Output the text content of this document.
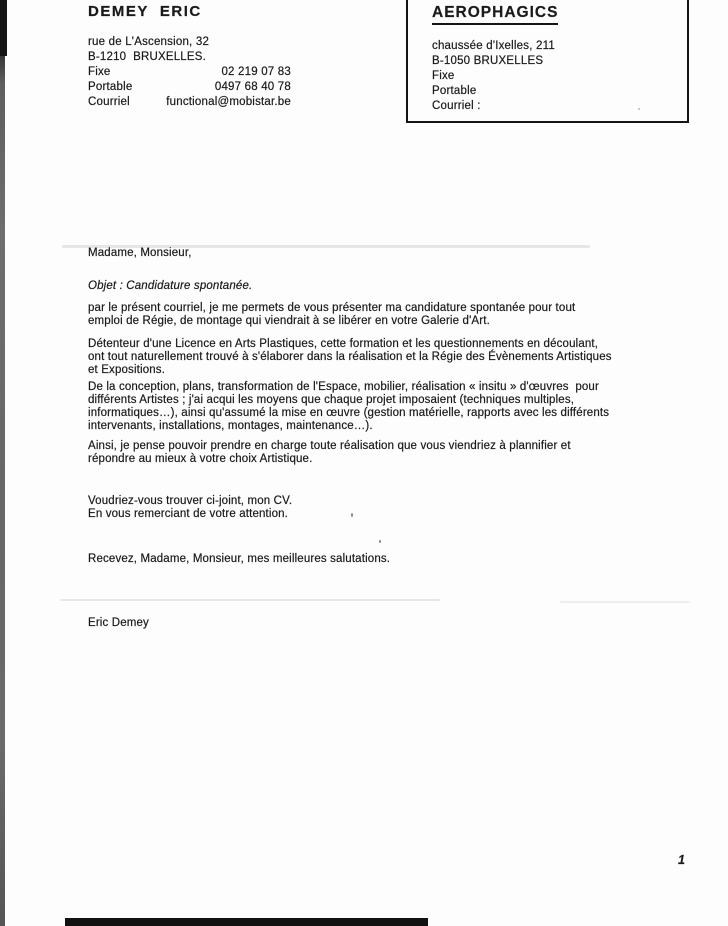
DEMEY  ERIC
rue de L'Ascension, 32
B-1210  BRUXELLES.
Fixe	02 219 07 83
Portable	0497 68 40 78
Courriel	functional@mobistar.be
AEROPHAGICS
chaussée d'Ixelles, 211
B-1050 BRUXELLES
Fixe
Portable
Courriel :
Madame, Monsieur,
Objet : Candidature spontanée.
par le présent courriel, je me permets de vous présenter ma candidature spontanée pour tout
emploi de Régie, de montage qui viendrait à se libérer en votre Galerie d'Art.
Détenteur d'une Licence en Arts Plastiques, cette formation et les questionnements en découlant,
ont tout naturellement trouvé à s'élaborer dans la réalisation et la Régie des Évènements Artistiques
et Expositions.
De la conception, plans, transformation de l'Espace, mobilier, réalisation « insitu » d'œuvres  pour
différents Artistes ; j'ai acqui les moyens que chaque projet imposaient (techniques multiples,
informatiques…), ainsi qu'assumé la mise en œuvre (gestion matérielle, rapports avec les différents
intervenants, installations, montages, maintenance…).
Ainsi, je pense pouvoir prendre en charge toute réalisation que vous viendriez à plannifier et
répondre au mieux à votre choix Artistique.
Voudriez-vous trouver ci-joint, mon CV.
En vous remerciant de votre attention.
Recevez, Madame, Monsieur, mes meilleures salutations.
Eric Demey
1
